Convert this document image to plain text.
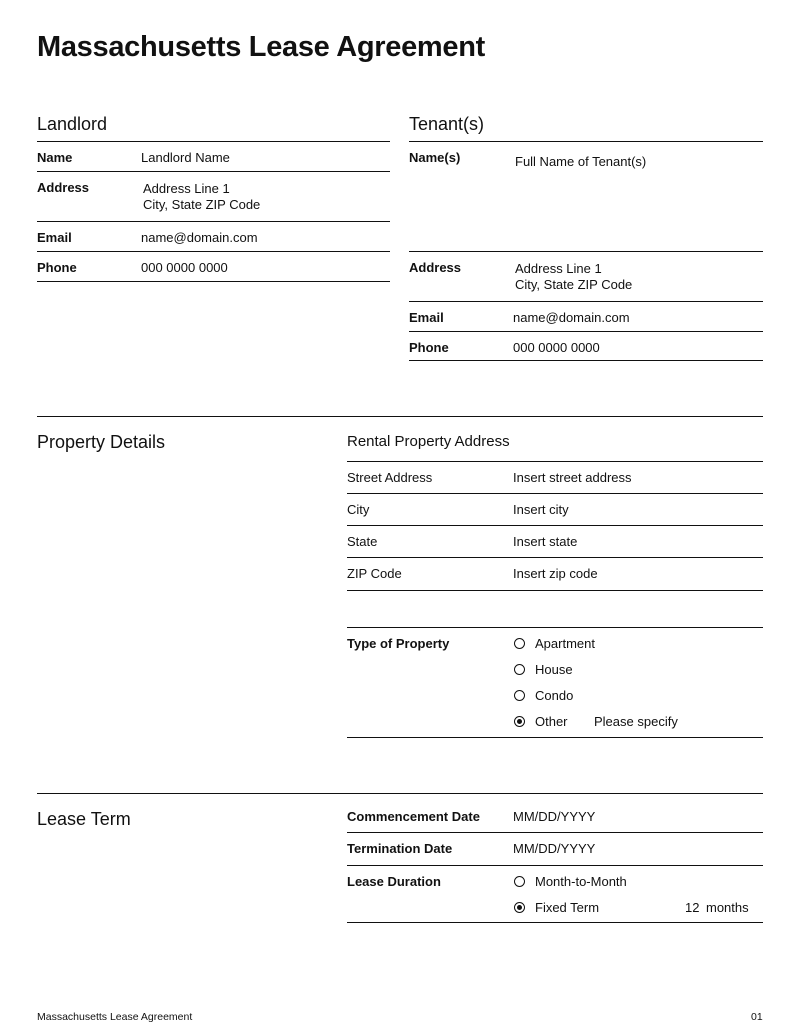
Massachusetts Lease Agreement
Landlord
Name	Landlord Name
Address	Address Line 1
City, State ZIP Code
Email	name@domain.com
Phone	000 0000 0000
Tenant(s)
Name(s)	Full Name of Tenant(s)
Address	Address Line 1
City, State ZIP Code
Email	name@domain.com
Phone	000 0000 0000
Property Details	Rental Property Address
Street Address	Insert street address
City	Insert city
State	Insert state
ZIP Code	Insert zip code
Type of Property	Apartment
House
Condo
Other Please specify
Lease Term	Commencement Date	MM/DD/YYYY
Termination Date	MM/DD/YYYY
Lease Duration	Month-to-Month
Fixed Term	12 months
Massachusetts Lease Agreement	01
